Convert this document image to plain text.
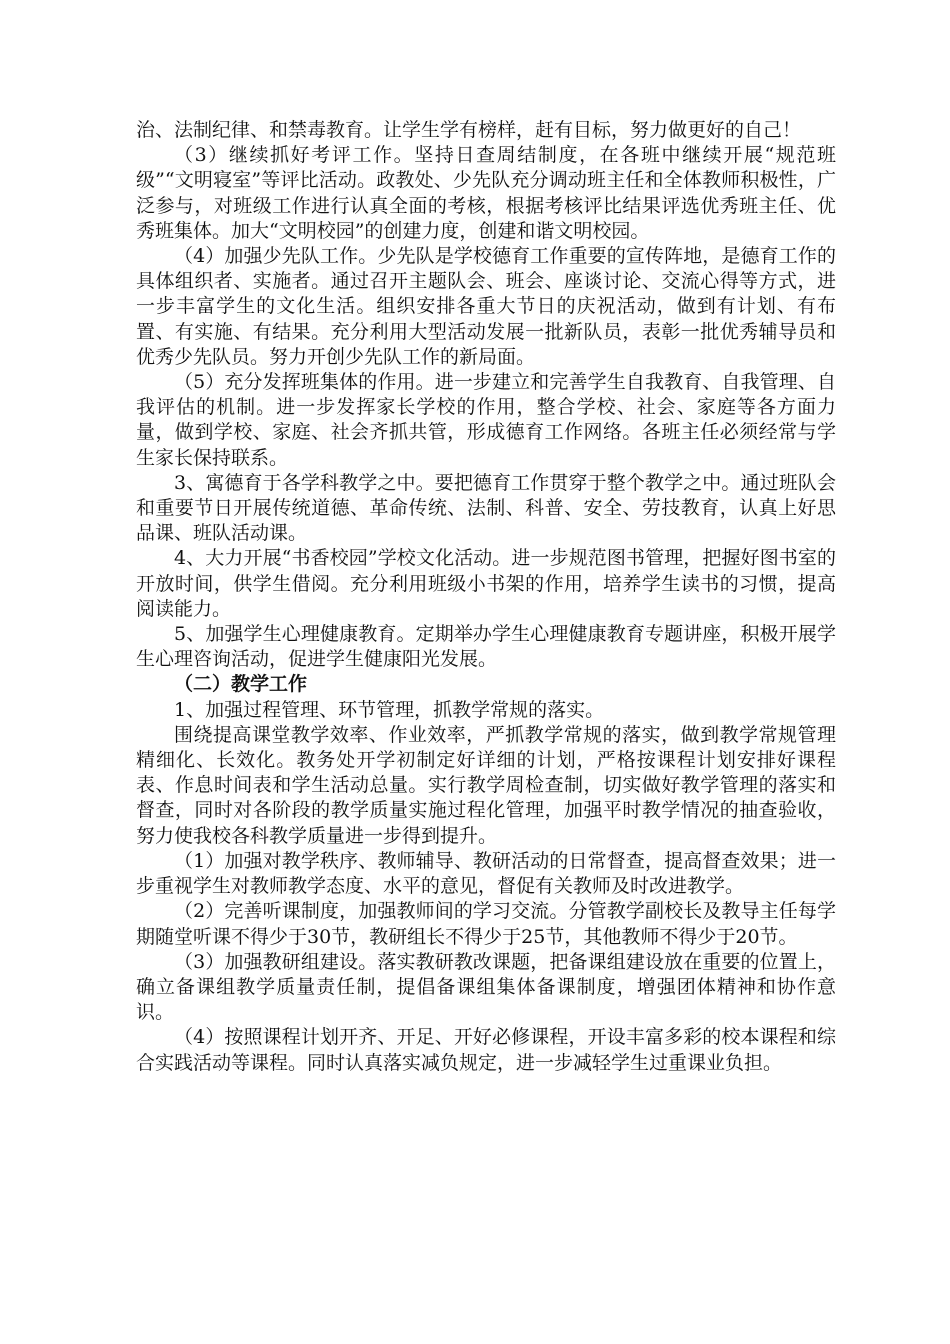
治、法制纪律、和禁毒教育。让学生学有榜样，赶有目标，努力做更好的自己！

（3）继续抓好考评工作。坚持日查周结制度，在各班中继续开展“规范班级”“文明寝室”等评比活动。政教处、少先队充分调动班主任和全体教师积极性，广泛参与，对班级工作进行认真全面的考核，根据考核评比结果评选优秀班主任、优秀班集体。加大“文明校园”的创建力度，创建和谐文明校园。

（4）加强少先队工作。少先队是学校德育工作重要的宣传阵地，是德育工作的具体组织者、实施者。通过召开主题队会、班会、座谈讨论、交流心得等方式，进一步丰富学生的文化生活。组织安排各重大节日的庆祝活动，做到有计划、有布置、有实施、有结果。充分利用大型活动发展一批新队员，表彰一批优秀辅导员和优秀少先队员。努力开创少先队工作的新局面。

（5）充分发挥班集体的作用。进一步建立和完善学生自我教育、自我管理、自我评估的机制。进一步发挥家长学校的作用，整合学校、社会、家庭等各方面力量，做到学校、家庭、社会齐抓共管，形成德育工作网络。各班主任必须经常与学生家长保持联系。

3、寓德育于各学科教学之中。要把德育工作贯穿于整个教学之中。通过班队会和重要节日开展传统道德、革命传统、法制、科普、安全、劳技教育，认真上好思品课、班队活动课。

4、大力开展“书香校园”学校文化活动。进一步规范图书管理，把握好图书室的开放时间，供学生借阅。充分利用班级小书架的作用，培养学生读书的习惯，提高阅读能力。

5、加强学生心理健康教育。定期举办学生心理健康教育专题讲座，积极开展学生心理咨询活动，促进学生健康阳光发展。

（二）教学工作

1、加强过程管理、环节管理，抓教学常规的落实。

围绕提高课堂教学效率、作业效率，严抓教学常规的落实，做到教学常规管理精细化、长效化。教务处开学初制定好详细的计划，严格按课程计划安排好课程表、作息时间表和学生活动总量。实行教学周检查制，切实做好教学管理的落实和督查，同时对各阶段的教学质量实施过程化管理，加强平时教学情况的抽查验收，努力使我校各科教学质量进一步得到提升。

（1）加强对教学秩序、教师辅导、教研活动的日常督查，提高督查效果；进一步重视学生对教师教学态度、水平的意见，督促有关教师及时改进教学。

（2）完善听课制度，加强教师间的学习交流。分管教学副校长及教导主任每学期随堂听课不得少于30节，教研组长不得少于25节，其他教师不得少于20节。

（3）加强教研组建设。落实教研教改课题，把备课组建设放在重要的位置上，确立备课组教学质量责任制，提倡备课组集体备课制度，增强团体精神和协作意识。

（4）按照课程计划开齐、开足、开好必修课程，开设丰富多彩的校本课程和综合实践活动等课程。同时认真落实减负规定，进一步减轻学生过重课业负担。
